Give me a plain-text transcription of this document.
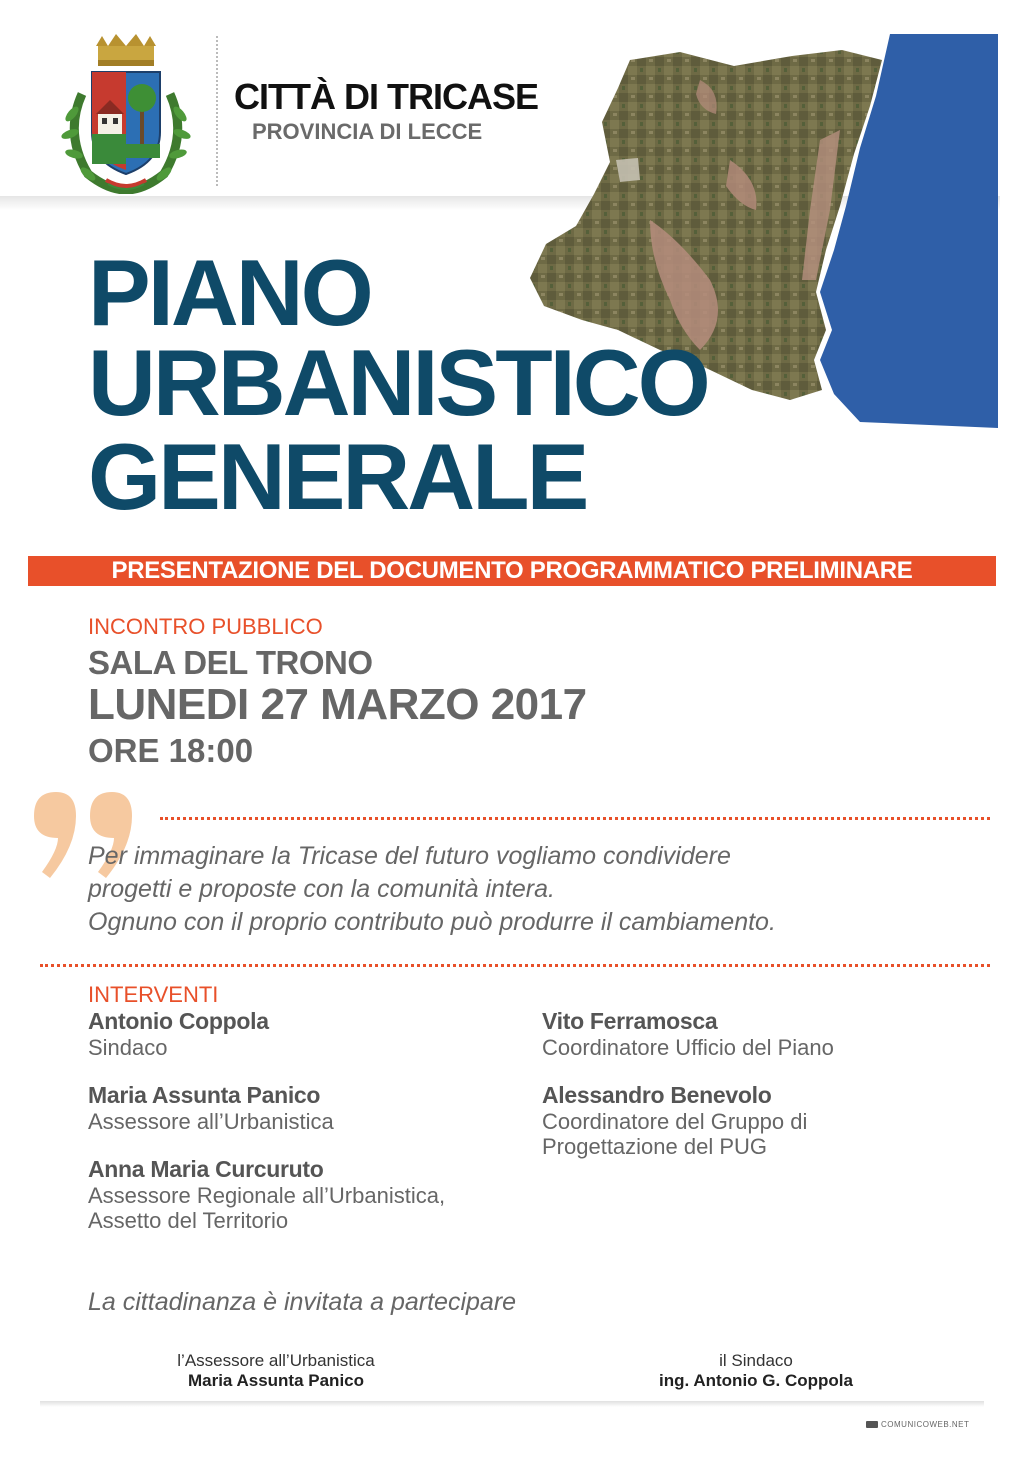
CITTÀ DI TRICASE
PROVINCIA DI LECCE
PIANO
URBANISTICO
GENERALE
PRESENTAZIONE DEL DOCUMENTO PROGRAMMATICO PRELIMINARE
INCONTRO PUBBLICO
SALA DEL TRONO
LUNEDI 27 MARZO 2017
ORE 18:00
Per immaginare la Tricase del futuro vogliamo condividere
progetti e proposte con la comunità intera.
Ognuno con il proprio contributo può produrre il cambiamento.
INTERVENTI
Antonio Coppola
Sindaco
Maria Assunta Panico
Assessore all’Urbanistica
Anna Maria Curcuruto
Assessore Regionale all’Urbanistica,
Assetto del Territorio
Vito Ferramosca
Coordinatore Ufficio del Piano
Alessandro Benevolo
Coordinatore del Gruppo di
Progettazione del PUG
La cittadinanza è invitata a partecipare
l’Assessore all’Urbanistica
Maria Assunta Panico
il Sindaco
ing. Antonio G. Coppola
COMUNICOWEB.NET
